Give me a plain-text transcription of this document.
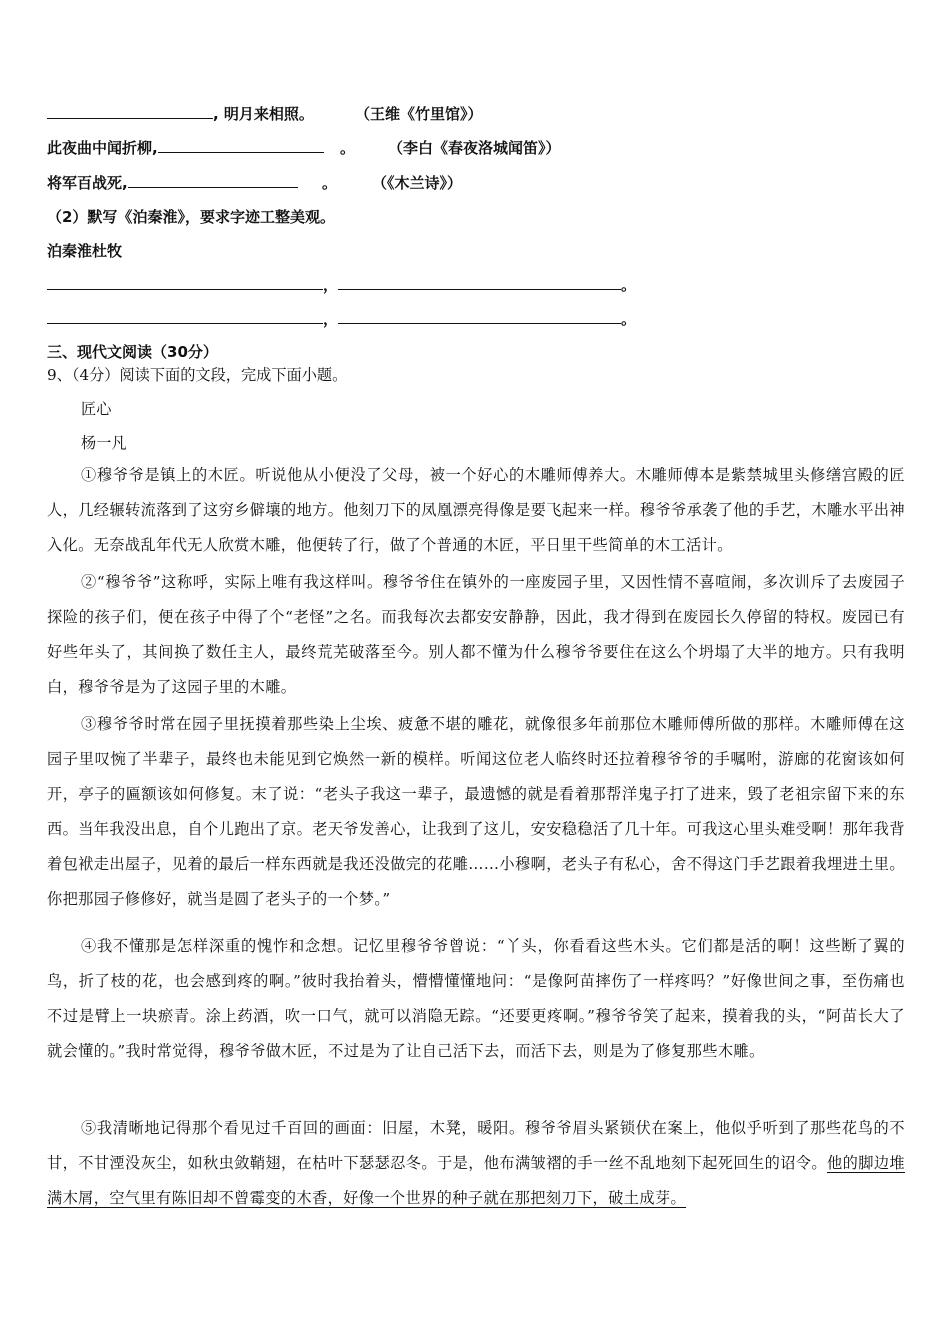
, 明月来相照。	（王维《竹里馆》）
此夜曲中闻折柳,	。 （李白《春夜洛城闻笛》）
将军百战死,	。 （《木兰诗》）
（2）默写《泊秦淮》，要求字迹工整美观。
泊秦淮杜牧
，	。
，	。
三、现代文阅读（30分）
9、（4分）阅读下面的文段，完成下面小题。
匠心
杨一凡
①穆爷爷是镇上的木匠。听说他从小便没了父母，被一个好心的木雕师傅养大。木雕师傅本是紫禁城里头修缮宫殿的匠人，几经辗转流落到了这穷乡僻壤的地方。他刻刀下的凤凰漂亮得像是要飞起来一样。穆爷爷承袭了他的手艺，木雕水平出神入化。无奈战乱年代无人欣赏木雕，他便转了行，做了个普通的木匠，平日里干些简单的木工活计。
②“穆爷爷”这称呼，实际上唯有我这样叫。穆爷爷住在镇外的一座废园子里，又因性情不喜喧闹，多次训斥了去废园子探险的孩子们，便在孩子中得了个“老怪”之名。而我每次去都安安静静，因此，我才得到在废园长久停留的特权。废园已有好些年头了，其间换了数任主人，最终荒芜破落至今。别人都不懂为什么穆爷爷要住在这么个坍塌了大半的地方。只有我明白，穆爷爷是为了这园子里的木雕。
③穆爷爷时常在园子里抚摸着那些染上尘埃、疲惫不堪的雕花，就像很多年前那位木雕师傅所做的那样。木雕师傅在这园子里叹惋了半辈子，最终也未能见到它焕然一新的模样。听闻这位老人临终时还拉着穆爷爷的手嘱咐，游廊的花窗该如何开，亭子的匾额该如何修复。末了说：“老头子我这一辈子，最遗憾的就是看着那帮洋鬼子打了进来，毁了老祖宗留下来的东西。当年我没出息，自个儿跑出了京。老天爷发善心，让我到了这儿，安安稳稳活了几十年。可我这心里头难受啊！那年我背着包袱走出屋子，见着的最后一样东西就是我还没做完的花雕……小穆啊，老头子有私心，舍不得这门手艺跟着我埋进土里。你把那园子修修好，就当是圆了老头子的一个梦。”
④我不懂那是怎样深重的愧怍和念想。记忆里穆爷爷曾说：“丫头，你看看这些木头。它们都是活的啊！这些断了翼的鸟，折了枝的花，也会感到疼的啊。”彼时我抬着头，懵懵懂懂地问：“是像阿苗摔伤了一样疼吗？”好像世间之事，至伤痛也不过是臂上一块瘀青。涂上药酒，吹一口气，就可以消隐无踪。“还要更疼啊。”穆爷爷笑了起来，摸着我的头，“阿苗长大了就会懂的。”我时常觉得，穆爷爷做木匠，不过是为了让自己活下去，而活下去，则是为了修复那些木雕。
⑤我清晰地记得那个看见过千百回的画面：旧屋，木凳，暖阳。穆爷爷眉头紧锁伏在案上，他似乎听到了那些花鸟的不甘，不甘湮没灰尘，如秋虫敛鞘翅，在枯叶下瑟瑟忍冬。于是，他布满皱褶的手一丝不乱地刻下起死回生的诏令。他的脚边堆满木屑，空气里有陈旧却不曾霉变的木香，好像一个世界的种子就在那把刻刀下，破土成芽。
